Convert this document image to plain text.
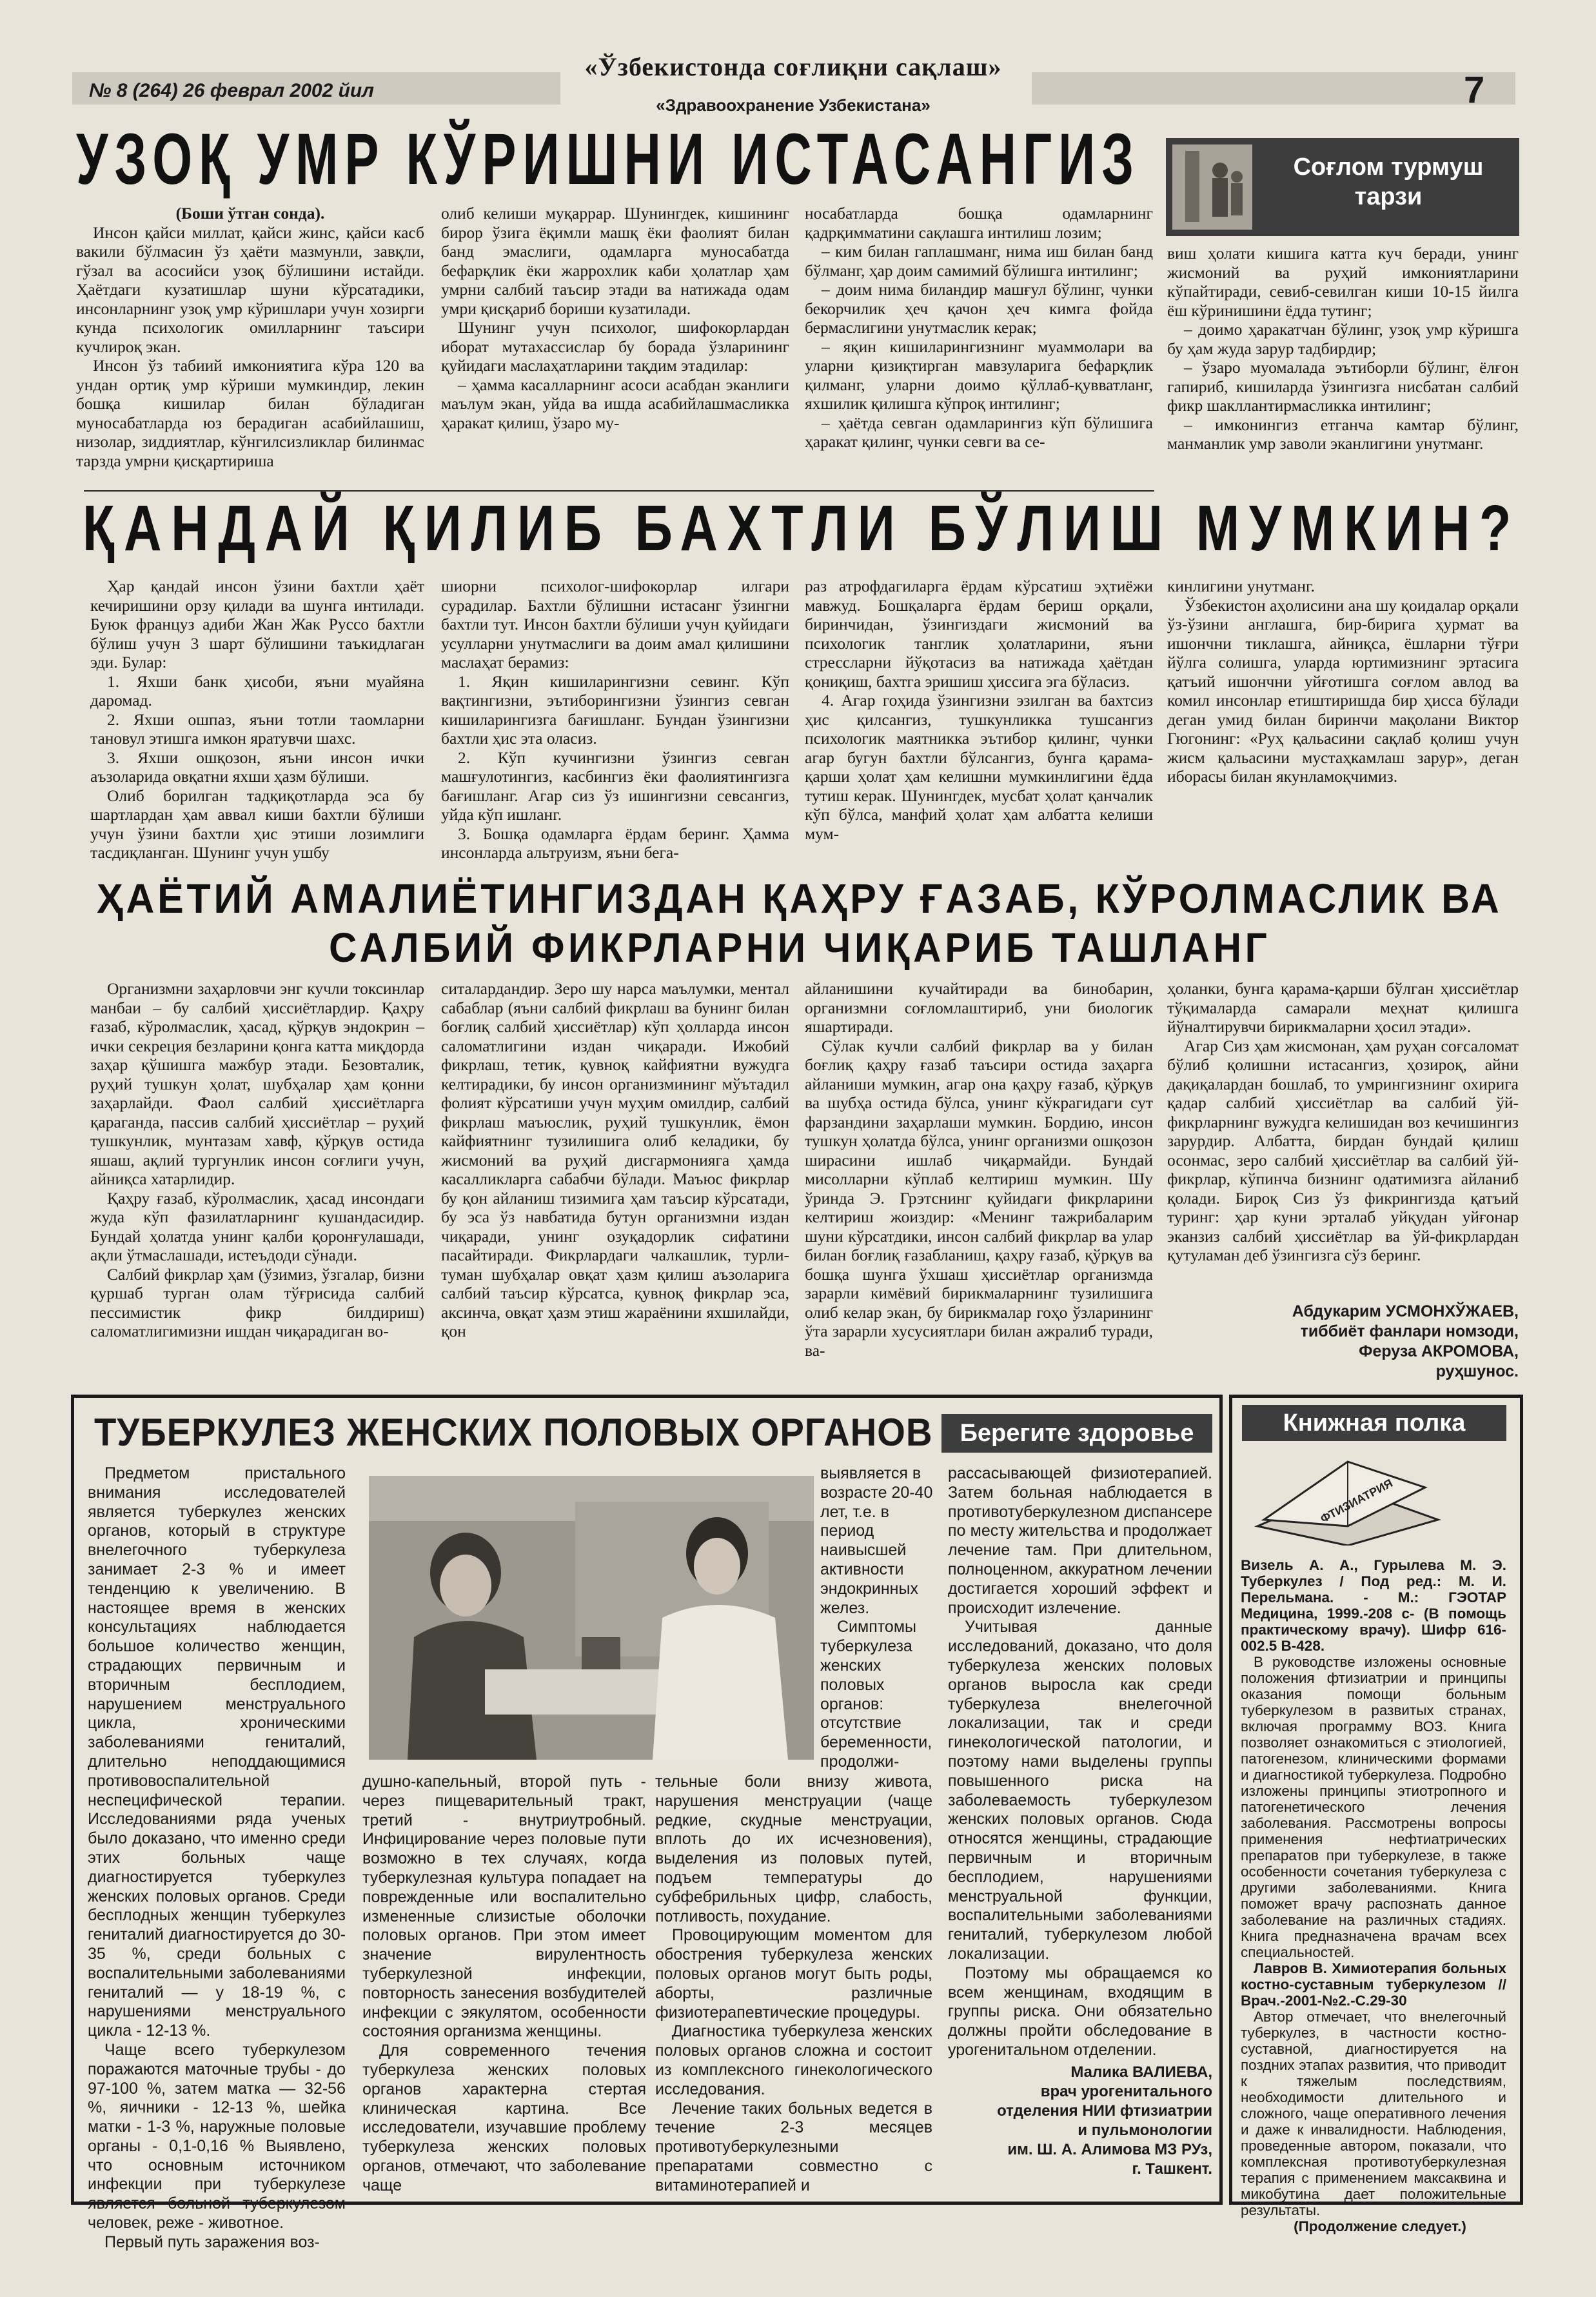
№ 8 (264) 26 феврал 2002 йил
«Ўзбекистонда соғлиқни сақлаш»
«Здравоохранение Узбекистана»	7
УЗОҚ УМР КЎРИШНИ ИСТАСАНГИЗ	Соғлом турмуш тарзи

(Боши ўтган сонда).

Инсон қайси миллат, қайси жинс, қайси касб вакили бўлмасин ўз ҳаёти мазмунли, завқли, гўзал ва асосийси узоқ бўлишини истайди. Ҳаётдаги кузатишлар шуни кўрсатадики, инсонларнинг узоқ умр кўришлари учун хозирги кунда психологик омилларнинг таъсири кучлироқ экан.

Инсон ўз табиий имкониятига кўра 120 ва ундан ортиқ умр кўриши мумкиндир, лекин бошқа кишилар билан бўладиган муносабатларда юз берадиган асабийлашиш, низолар, зиддиятлар, кўнгилсизликлар билинмас тарзда умрни қисқартириша

олиб келиши муқаррар. Шунингдек, кишининг бирор ўзига ёқимли машқ ёки фаолият билан банд эмаслиги, одамларга муносабатда бефарқлик ёки жаррохлик каби ҳолатлар ҳам умрни салбий таъсир этади ва натижада одам умри қисқариб бориши кузатилади.

Шунинг учун психолог, шифокорлардан иборат мутахассислар бу борада ўзларининг қуйидаги маслаҳатларини тақдим этадилар:

– ҳамма касалларнинг асоси асабдан эканлиги маълум экан, уйда ва ишда асабийлашмасликка ҳаракат қилиш, ўзаро му-

носабатларда бошқа одамларнинг қадрқимматини сақлашга интилиш лозим;

– ким билан гаплашманг, нима иш билан банд бўлманг, ҳар доим самимий бўлишга интилинг;

– доим нима биландир машғул бўлинг, чунки бекорчилик ҳеч қачон ҳеч кимга фойда бермаслигини унутмаслик керак;

– яқин кишиларингизнинг муаммолари ва уларни қизиқтирган мавзуларига бефарқлик қилманг, уларни доимо қўллаб-қувватланг, яхшилик қилишга кўпроқ интилинг;

– ҳаётда севган одамларингиз кўп бўлишига ҳаракат қилинг, чунки севги ва се-

виш ҳолати кишига катта куч беради, унинг жисмоний ва руҳий имкониятларини кўпайтиради, севиб-севилган киши 10-15 йилга ёш кўринишини ёдда тутинг;

– доимо ҳаракатчан бўлинг, узоқ умр кўришга бу ҳам жуда зарур тадбирдир;

– ўзаро муомалада эътиборли бўлинг, ёлғон гапириб, кишиларда ўзингизга нисбатан салбий фикр шакллантирмасликка интилинг;

– имконингиз етганча камтар бўлинг, манманлик умр заволи эканлигини унутманг.

ҚАНДАЙ ҚИЛИБ БАХТЛИ БЎЛИШ МУМКИН?

Ҳар қандай инсон ўзини бахтли ҳаёт кечиришини орзу қилади ва шунга интилади. Буюк француз адиби Жан Жак Руссо бахтли бўлиш учун 3 шарт бўлишини таъкидлаган эди. Булар:

1. Яхши банк ҳисоби, яъни муайяна даромад.

2. Яхши ошпаз, яъни тотли таомларни тановул этишга имкон яратувчи шахс.

3. Яхши ошқозон, яъни инсон ички аъзоларида овқатни яхши ҳазм бўлиши.

Олиб борилган тадқиқотларда эса бу шартлардан ҳам аввал киши бахтли бўлиши учун ўзини бахтли ҳис этиши лозимлиги тасдиқланган. Шунинг учун ушбу

шиорни психолог-шифокорлар илгари сурадилар. Бахтли бўлишни истасанг ўзингни бахтли тут. Инсон бахтли бўлиши учун қуйидаги усулларни унутмаслиги ва доим амал қилишини маслаҳат берамиз:

1. Яқин кишиларингизни севинг. Кўп вақтингизни, эътиборингизни ўзингиз севган кишиларингизга бағишланг. Бундан ўзингизни бахтли ҳис эта оласиз.

2. Кўп кучингизни ўзингиз севган машғулотингиз, касбингиз ёки фаолиятингизга бағишланг. Агар сиз ўз ишингизни севсангиз, уйда кўп ишланг.

3. Бошқа одамларга ёрдам беринг. Ҳамма инсонларда альтруизм, яъни бега-

раз атрофдагиларга ёрдам кўрсатиш эҳтиёжи мавжуд. Бошқаларга ёрдам бериш орқали, биринчидан, ўзингиздаги жисмоний ва психологик танглик ҳолатларини, яъни стрессларни йўқотасиз ва натижада ҳаётдан қониқиш, бахтга эришиш ҳиссига эга бўласиз.

4. Агар гоҳида ўзингизни эзилган ва бахтсиз ҳис қилсангиз, тушкунликка тушсангиз психологик маятникка эътибор қилинг, чунки агар бугун бахтли бўлсангиз, бунга қарама-қарши ҳолат ҳам келишни мумкинлигини ёдда тутиш керак. Шунингдек, мусбат ҳолат қанчалик кўп бўлса, манфий ҳолат ҳам албатта келиши мум-

кинлигини унутманг.

Ўзбекистон аҳолисини ана шу қоидалар орқали ўз-ўзини англашга, бир-бирига ҳурмат ва ишончни тиклашга, айниқса, ёшларни тўғри йўлга солишга, уларда юртимизнинг эртасига қатъий ишончни уйғотишга соғлом авлод ва комил инсонлар етиштиришда бир ҳисса бўлади деган умид билан биринчи мақолани Виктор Гюгонинг: «Руҳ қальасини сақлаб қолиш учун жисм қальасини мустаҳкамлаш зарур», деган иборасы билан якунламоқчимиз.

ҲАЁТИЙ АМАЛИЁТИНГИЗДАН ҚАҲРУ ҒАЗАБ, КЎРОЛМАСЛИК ВА
САЛБИЙ ФИКРЛАРНИ ЧИҚАРИБ ТАШЛАНГ

Организмни заҳарловчи энг кучли токсинлар манбаи – бу салбий ҳиссиётлардир. Қаҳру ғазаб, кўролмаслик, ҳасад, қўрқув эндокрин – ички секреция безларини қонга катта миқдорда заҳар қўшишга мажбур этади. Безовталик, руҳий тушкун ҳолат, шубҳалар ҳам қонни заҳарлайди. Фаол салбий ҳиссиётларга қараганда, пассив салбий ҳиссиётлар – руҳий тушкунлик, мунтазам хавф, қўрқув остида яшаш, ақлий тургунлик инсон соғлиги учун, айниқса хатарлидир.

Қаҳру ғазаб, кўролмаслик, ҳасад инсондаги жуда кўп фазилатларнинг кушандасидир. Бундай ҳолатда унинг қалби қоронғулашади, ақли ўтмаслашади, истеъдоди сўнади.

Салбий фикрлар ҳам (ўзимиз, ўзгалар, бизни қуршаб турган олам тўғрисида салбий пессимистик фикр билдириш) саломатлигимизни ишдан чиқарадиган во-

ситалардандир. Зеро шу нарса маълумки, ментал сабаблар (яъни салбий фикрлаш ва бунинг билан боғлиқ салбий ҳиссиётлар) кўп ҳолларда инсон саломатлигини издан чиқаради. Ижобий фикрлаш, тетик, қувноқ кайфиятни вужудга келтирадики, бу инсон организмининг мўътадил фолият кўрсатиши учун муҳим омилдир, салбий фикрлаш маъюслик, руҳий тушкунлик, ёмон кайфиятнинг тузилишига олиб келадики, бу жисмоний ва руҳий дисгармонияга ҳамда касалликларга сабабчи бўлади. Маъюс фикрлар бу қон айланиш тизимига ҳам таъсир кўрсатади, бу эса ўз навбатида бутун организмни издан чиқаради, унинг озуқадорлик сифатини пасайтиради. Фикрлардаги чалкашлик, турли-туман шубҳалар овқат ҳазм қилиш аъзоларига салбий таъсир кўрсатса, қувноқ фикрлар эса, аксинча, овқат ҳазм этиш жараёнини яхшилайди, қон

айланишини кучайтиради ва бинобарин, организмни соғломлаштириб, уни биологик яшартиради.

Сўлак кучли салбий фикрлар ва у билан боғлиқ қаҳру ғазаб таъсири остида заҳарга айланиши мумкин, агар она қаҳру ғазаб, қўрқув ва шубҳа остида бўлса, унинг кўкрагидаги сут фарзандини заҳарлаши мумкин. Бордию, инсон тушкун ҳолатда бўлса, унинг организми ошқозон ширасини ишлаб чиқармайди. Бундай мисолларни кўплаб келтириш мумкин. Шу ўринда Э. Грэтснинг қуйидаги фикрларини келтириш жоиздир: «Менинг тажрибаларим шуни кўрсатдики, инсон салбий фикрлар ва улар билан боғлиқ ғазабланиш, қаҳру ғазаб, қўрқув ва бошқа шунга ўхшаш ҳиссиётлар организмда зарарли кимёвий бирикмаларнинг тузилишига олиб келар экан, бу бирикмалар гоҳо ўзларининг ўта зарарли хусусиятлари билан ажралиб туради, ва-

ҳоланки, бунга қарама-қарши бўлган ҳиссиётлар тўқималарда самарали меҳнат қилишга йўналтирувчи бирикмаларни ҳосил этади».

Агар Сиз ҳам жисмонан, ҳам руҳан соғсаломат бўлиб қолишни истасангиз, ҳозироқ, айни дақиқалардан бошлаб, то умрингизнинг охирига қадар салбий ҳиссиётлар ва салбий ўй-фикрларнинг вужудга келишидан воз кечишингиз зарурдир. Албатта, бирдан бундай қилиш осонмас, зеро салбий ҳиссиётлар ва салбий ўй-фикрлар, кўпинча бизнинг одатимизга айланиб қолади. Бироқ Сиз ўз фикрингизда қатъий туринг: ҳар куни эрталаб уйқудан уйғонар эканзиз салбий ҳиссиётлар ва ўй-фикрлардан қутуламан деб ўзингизга сўз беринг.

Абдукарим УСМОНХЎЖАЕВ,
тиббиёт фанлари номзоди,
Феруза АКРОМОВА,
руҳшунос.
ТУБЕРКУЛЕЗ ЖЕНСКИХ ПОЛОВЫХ ОРГАНОВ	Берегите здоровье

Предметом пристального внимания исследователей является туберкулез женских органов, который в структуре внелегочного туберкулеза занимает 2-3 % и имеет тенденцию к увеличению. В настоящее время в женских консультациях наблюдается большое количество женщин, страдающих первичным и вторичным бесплодием, нарушением менструального цикла, хроническими заболеваниями гениталий, длительно неподдающимися противовоспалительной неспецифической терапии. Исследованиями ряда ученых было доказано, что именно среди этих больных чаще диагностируется туберкулез женских половых органов. Среди бесплодных женщин туберкулез гениталий диагностируется до 30-35 %, среди больных с воспалительными заболеваниями гениталий — у 18-19 %, с нарушениями менструального цикла - 12-13 %.

Чаще всего туберкулезом поражаются маточные трубы - до 97-100 %, затем матка — 32-56 %, яичники - 12-13 %, шейка матки - 1-3 %, наружные половые органы - 0,1-0,16 % Выявлено, что основным источником инфекции при туберкулезе является больной туберкулезом человек, реже - животное.

Первый путь заражения воз-

выявляется в возрасте 20-40 лет, т.е. в период наивысшей активности эндокринных желез.

Симптомы туберкулеза женских половых органов: отсутствие беременности, продолжи-

душно-капельный, второй путь - через пищеварительный тракт, третий - внутриутробный. Инфицирование через половые пути возможно в тех случаях, когда туберкулезная культура попадает на поврежденные или воспалительно измененные слизистые оболочки половых органов. При этом имеет значение вирулентность туберкулезной инфекции, повторность занесения возбудителей инфекции с эякулятом, особенности состояния организма женщины.

Для современного течения туберкулеза женских половых органов характерна стертая клиническая картина. Все исследователи, изучавшие проблему туберкулеза женских половых органов, отмечают, что заболевание чаще

тельные боли внизу живота, нарушения менструации (чаще редкие, скудные менструации, вплоть до их исчезновения), выделения из половых путей, подъем температуры до субфебрильных цифр, слабость, потливость, похудание.

Провоцирующим моментом для обострения туберкулеза женских половых органов могут быть роды, аборты, различные физиотерапевтические процедуры.

Диагностика туберкулеза женских половых органов сложна и состоит из комплексного гинекологического исследования.

Лечение таких больных ведется в течение 2-3 месяцев противотуберкулезными препаратами совместно с витаминотерапией и

рассасывающей физиотерапией. Затем больная наблюдается в противотуберкулезном диспансере по месту жительства и продолжает лечение там. При длительном, полноценном, аккуратном лечении достигается хороший эффект и происходит излечение.

Учитывая данные исследований, доказано, что доля туберкулеза женских половых органов выросла как среди туберкулеза внелегочной локализации, так и среди гинекологической патологии, и поэтому нами выделены группы повышенного риска на заболеваемость туберкулезом женских половых органов. Сюда относятся женщины, страдающие первичным и вторичным бесплодием, нарушениями менструальной функции, воспалительными заболеваниями гениталий, туберкулезом любой локализации.

Поэтому мы обращаемся ко всем женщинам, входящим в группы риска. Они обязательно должны пройти обследование в урогенитальном отделении.

Малика ВАЛИЕВА,
врач урогенитального
отделения НИИ фтизиатрии
и пульмонологии
им. Ш. А. Алимова МЗ РУз,
г. Ташкент.
Книжная полка
ФТИЗИАТРИЯ

Визель А. А., Гурылева М. Э. Туберкулез / Под ред.: М. И. Перельмана. - М.: ГЭОТАР Медицина, 1999.-208 с- (В помощь практическому врачу). Шифр 616-002.5 В-428.

В руководстве изложены основные положения фтизиатрии и принципы оказания помощи больным туберкулезом в развитых странах, включая программу ВОЗ. Книга позволяет ознакомиться с этиологией, патогенезом, клиническими формами и диагностикой туберкулеза. Подробно изложены принципы этиотропного и патогенетического лечения заболевания. Рассмотрены вопросы применения нефтиатрических препаратов при туберкулезе, в также особенности сочетания туберкулеза с другими заболеваниями. Книга поможет врачу распознать данное заболевание на различных стадиях. Книга предназначена врачам всех специальностей.

Лавров В. Химиотерапия больных костно-суставным туберкулезом //Врач.-2001-№2.-С.29-30

Автор отмечает, что внелегочный туберкулез, в частности костно-суставной, диагностируется на поздних этапах развития, что приводит к тяжелым последствиям, необходимости длительного и сложного, чаще оперативного лечения и даже к инвалидности. Наблюдения, проведенные автором, показали, что комплексная противотуберкулезная терапия с применением максаквина и микобутина дает положительные результаты.

(Продолжение следует.)
